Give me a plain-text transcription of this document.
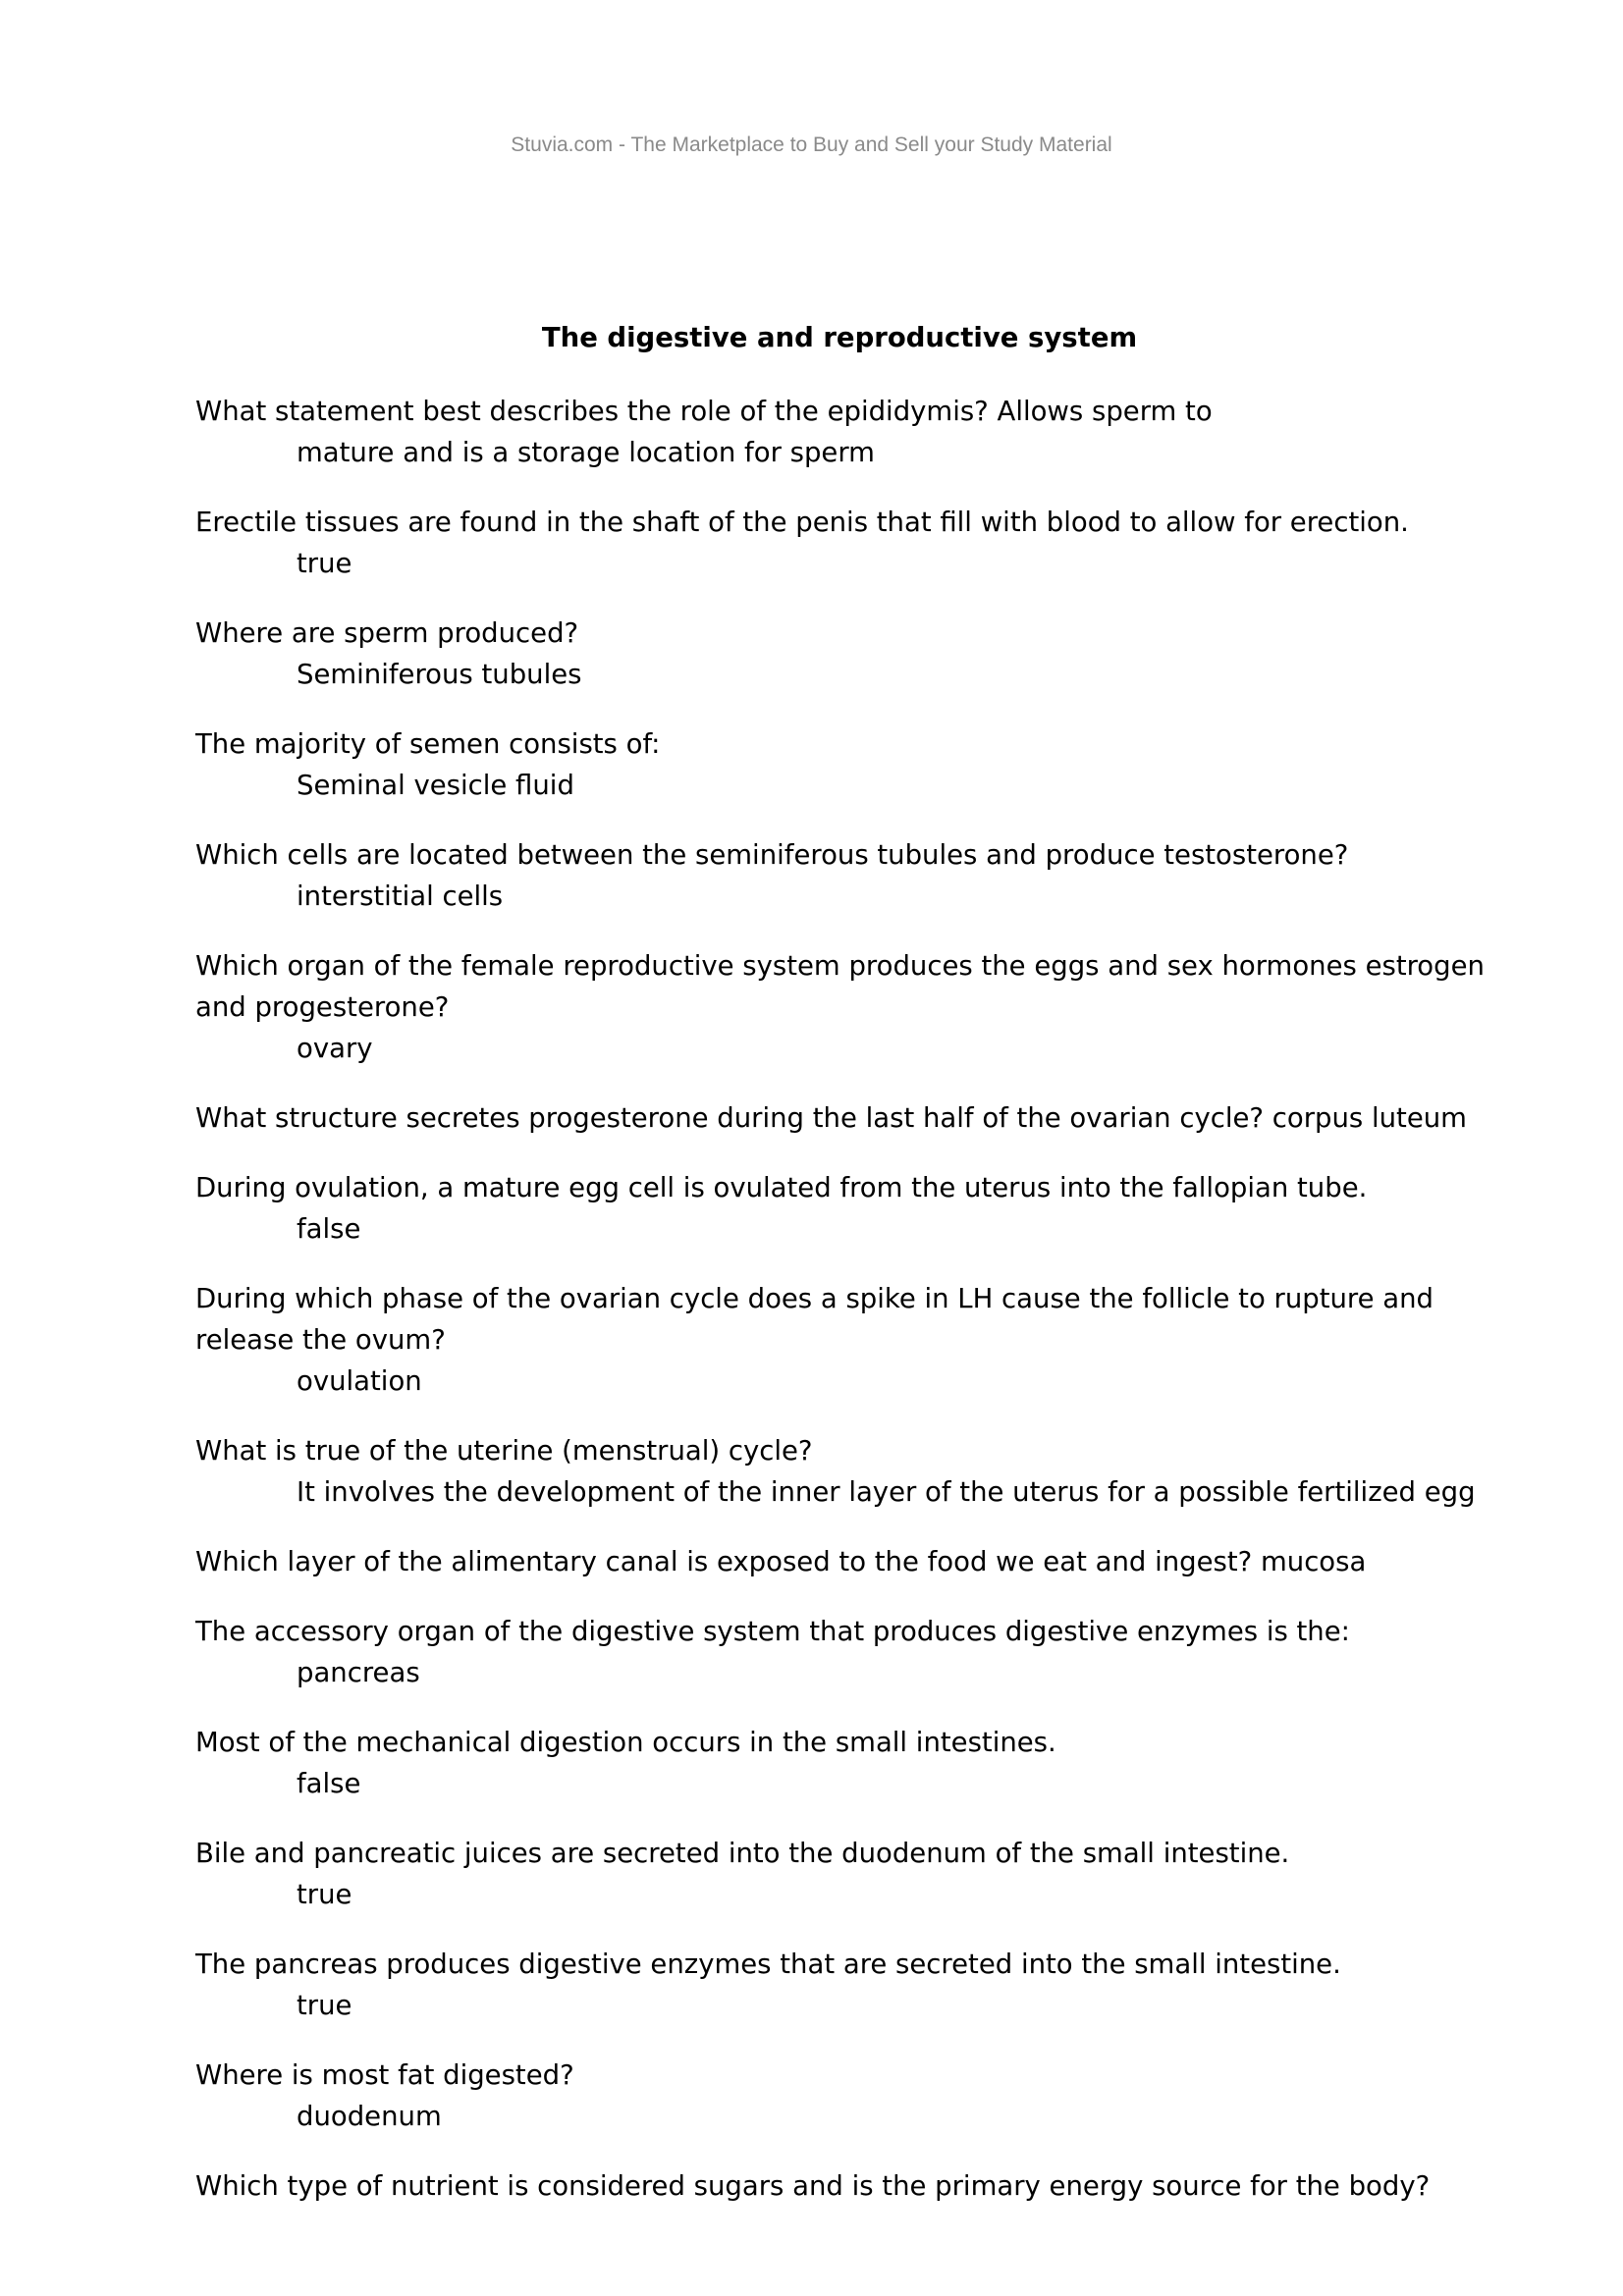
Stuvia.com - The Marketplace to Buy and Sell your Study Material
The digestive and reproductive system
What statement best describes the role of the epididymis? Allows sperm to
mature and is a storage location for sperm
Erectile tissues are found in the shaft of the penis that fill with blood to allow for erection.
true
Where are sperm produced?
Seminiferous tubules
The majority of semen consists of:
Seminal vesicle fluid
Which cells are located between the seminiferous tubules and produce testosterone?
interstitial cells
Which organ of the female reproductive system produces the eggs and sex hormones estrogen and progesterone?
ovary
What structure secretes progesterone during the last half of the ovarian cycle? corpus luteum
During ovulation, a mature egg cell is ovulated from the uterus into the fallopian tube.
false
During which phase of the ovarian cycle does a spike in LH cause the follicle to rupture and release the ovum?
ovulation
What is true of the uterine (menstrual) cycle?
It involves the development of the inner layer of the uterus for a possible fertilized egg
Which layer of the alimentary canal is exposed to the food we eat and ingest? mucosa
The accessory organ of the digestive system that produces digestive enzymes is the:
pancreas
Most of the mechanical digestion occurs in the small intestines.
false
Bile and pancreatic juices are secreted into the duodenum of the small intestine.
true
The pancreas produces digestive enzymes that are secreted into the small intestine.
true
Where is most fat digested?
duodenum
Which type of nutrient is considered sugars and is the primary energy source for the body?
